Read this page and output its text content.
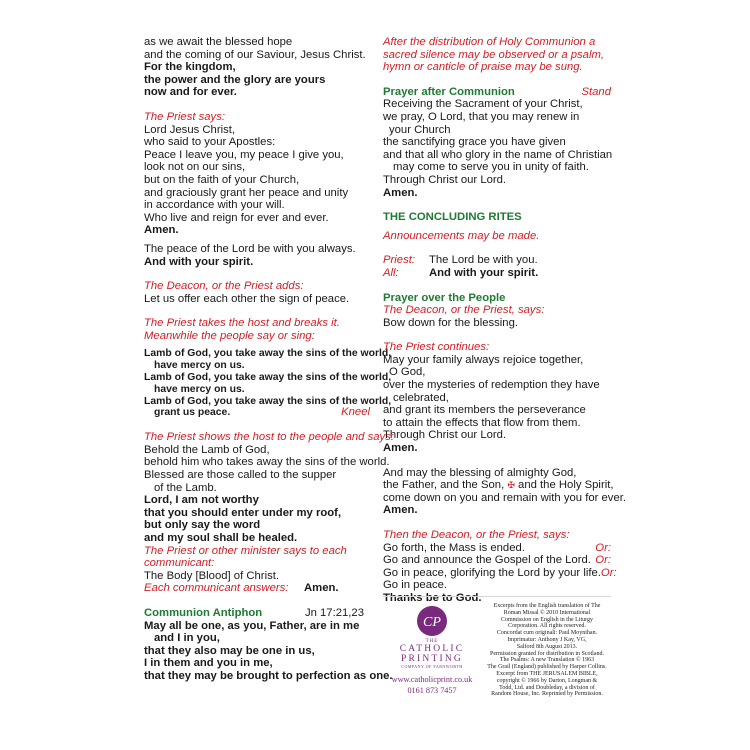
as we await the blessed hope
and the coming of our Saviour, Jesus Christ.
For the kingdom,
the power and the glory are yours
now and for ever.
The Priest says:
Lord Jesus Christ,
who said to your Apostles:
Peace I leave you, my peace I give you,
look not on our sins,
but on the faith of your Church,
and graciously grant her peace and unity
in accordance with your will.
Who live and reign for ever and ever.
Amen.
The peace of the Lord be with you always.
And with your spirit.
The Deacon, or the Priest adds:
Let us offer each other the sign of peace.
The Priest takes the host and breaks it.
Meanwhile the people say or sing:
Lamb of God, you take away the sins of the world,
have mercy on us.
Lamb of God, you take away the sins of the world,
have mercy on us.
Lamb of God, you take away the sins of the world,
grant us peace.	Kneel
The Priest shows the host to the people and says:
Behold the Lamb of God,
behold him who takes away the sins of the world.
Blessed are those called to the supper
of the Lamb.
Lord, I am not worthy
that you should enter under my roof,
but only say the word
and my soul shall be healed.
The Priest or other minister says to each
communicant:
The Body [Blood] of Christ.
Each communicant answers: Amen.
Communion Antiphon	Jn 17:21,23
May all be one, as you, Father, are in me
and I in you,
that they also may be one in us,
I in them and you in me,
that they may be brought to perfection as one.
After the distribution of Holy Communion a
sacred silence may be observed or a psalm,
hymn or canticle of praise may be sung.
Prayer after Communion	Stand
Receiving the Sacrament of your Christ,
we pray, O Lord, that you may renew in
your Church
the sanctifying grace you have given
and that all who glory in the name of Christian
may come to serve you in unity of faith.
Through Christ our Lord.
Amen.
THE CONCLUDING RITES
Announcements may be made.
Priest: The Lord be with you.
All:	And with your spirit.
Prayer over the People
The Deacon, or the Priest, says:
Bow down for the blessing.
The Priest continues:
May your family always rejoice together,
O God,
over the mysteries of redemption they have
celebrated,
and grant its members the perseverance
to attain the effects that flow from them.
Through Christ our Lord.
Amen.
And may the blessing of almighty God,
the Father, and the Son, ✠ and the Holy Spirit,
come down on you and remain with you for ever.
Amen.
Then the Deacon, or the Priest, says:
Go forth, the Mass is ended.	Or:
Go and announce the Gospel of the Lord. Or:
Go in peace, glorifying the Lord by your life.Or:
Go in peace.
Thanks be to God.
CP
THE
CATHOLIC
PRINTING
COMPANY OF FARNWORTH
www.catholicprint.co.uk
0161 873 7457
Excerpts from the English translation of The
Roman Missal © 2010 International
Commission on English in the Liturgy
Corporation. All rights reserved.
Concordat cum originali: Paul Moynihan.
Imprimatur: Anthony J Kay, VG,
Salford 8th August 2013.
Permission granted for distribution in Scotland.
The Psalms: A new Translation © 1963
The Grail (England) published by Harper Collins.
Excerpt from THE JERUSALEM BIBLE,
copyright © 1966 by Darton, Longman &
Todd, Ltd. and Doubleday, a division of
Random House, Inc. Reprinted by Permission.
